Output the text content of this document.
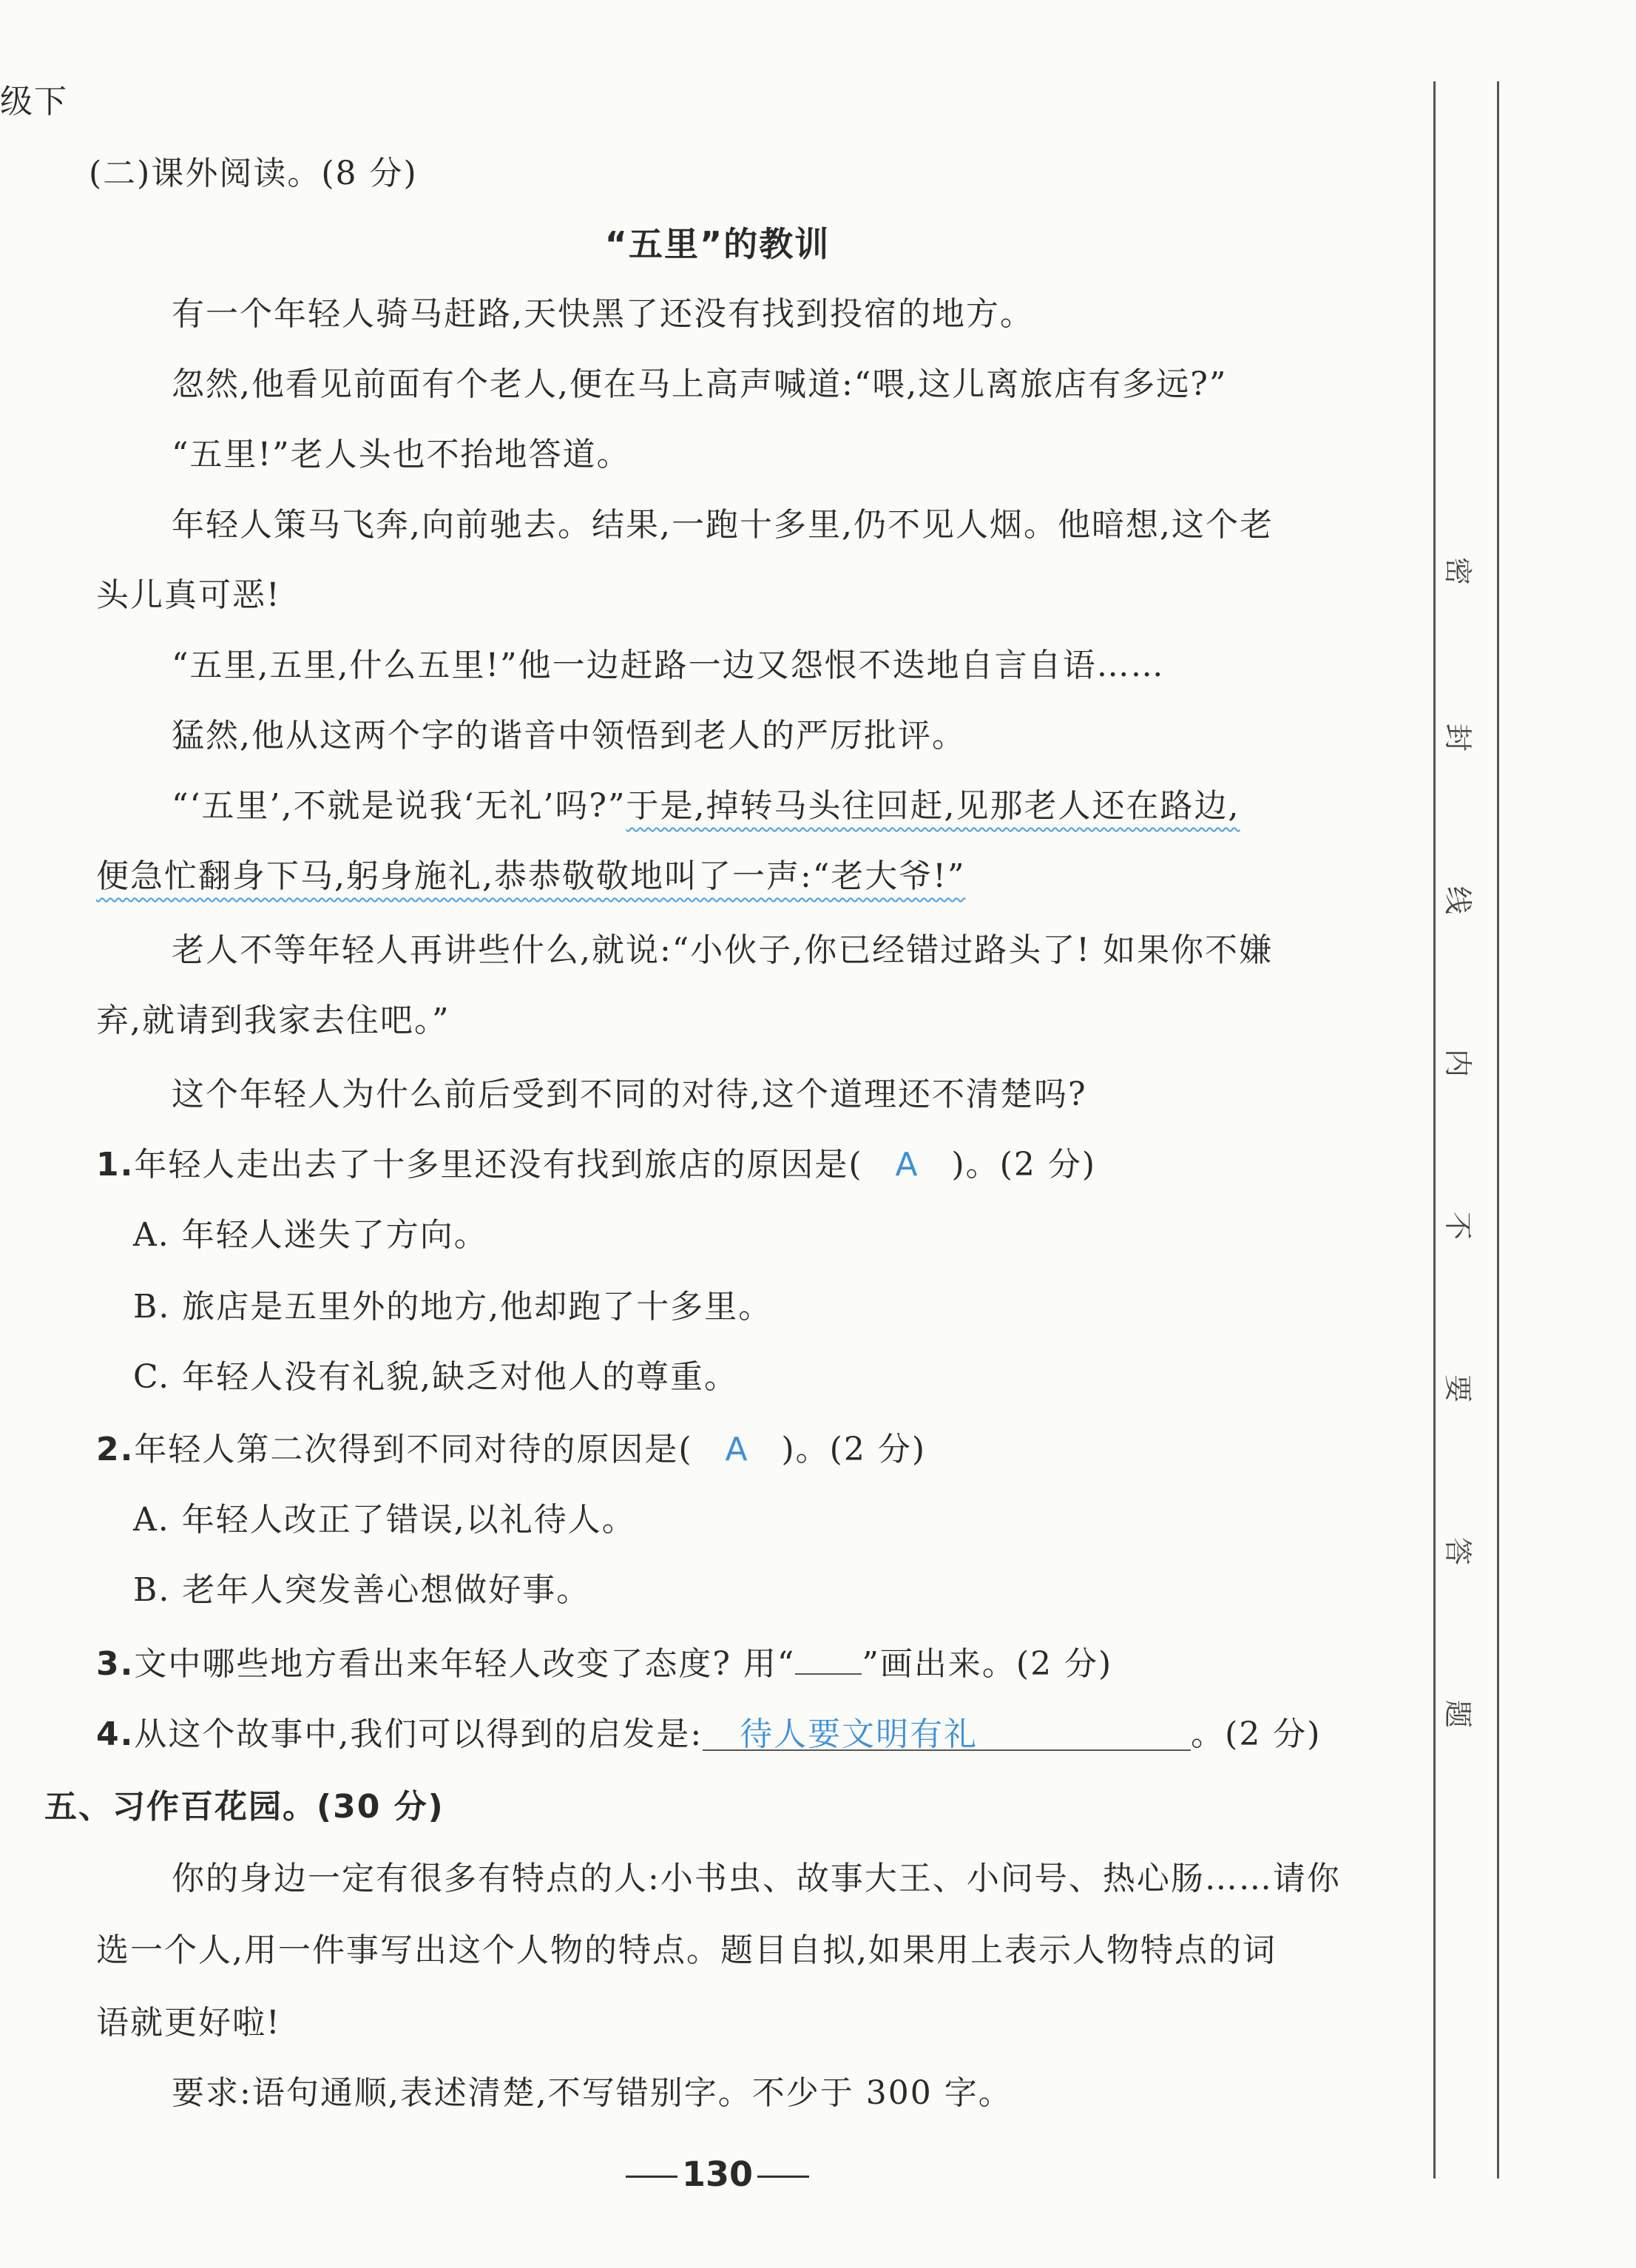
级下
(二)课外阅读。(8 分)
“五里”的教训
有一个年轻人骑马赶路,天快黑了还没有找到投宿的地方。
忽然,他看见前面有个老人,便在马上高声喊道:“喂,这儿离旅店有多远?”
“五里!”老人头也不抬地答道。
年轻人策马飞奔,向前驰去。结果,一跑十多里,仍不见人烟。他暗想,这个老
头儿真可恶!
“五里,五里,什么五里!”他一边赶路一边又怨恨不迭地自言自语……
猛然,他从这两个字的谐音中领悟到老人的严厉批评。
“‘五里’,不就是说我‘无礼’吗?”于是,掉转马头往回赶,见那老人还在路边,
便急忙翻身下马,躬身施礼,恭恭敬敬地叫了一声:“老大爷!”
老人不等年轻人再讲些什么,就说:“小伙子,你已经错过路头了! 如果你不嫌
弃,就请到我家去住吧。”
这个年轻人为什么前后受到不同的对待,这个道理还不清楚吗?
1.年轻人走出去了十多里还没有找到旅店的原因是( A )。(2 分)
A. 年轻人迷失了方向。
B. 旅店是五里外的地方,他却跑了十多里。
C. 年轻人没有礼貌,缺乏对他人的尊重。
2.年轻人第二次得到不同对待的原因是( A )。(2 分)
A. 年轻人改正了错误,以礼待人。
B. 老年人突发善心想做好事。
3.文中哪些地方看出来年轻人改变了态度? 用“ ”画出来。(2 分)
4.从这个故事中,我们可以得到的启发是: 待人要文明有礼	。(2 分)
五、习作百花园。(30 分)
你的身边一定有很多有特点的人:小书虫、故事大王、小问号、热心肠……请你
选一个人,用一件事写出这个人物的特点。题目自拟,如果用上表示人物特点的词
语就更好啦!
要求:语句通顺,表述清楚,不写错别字。不少于 300 字。
130
密
封
线
内
不
要
答
题
